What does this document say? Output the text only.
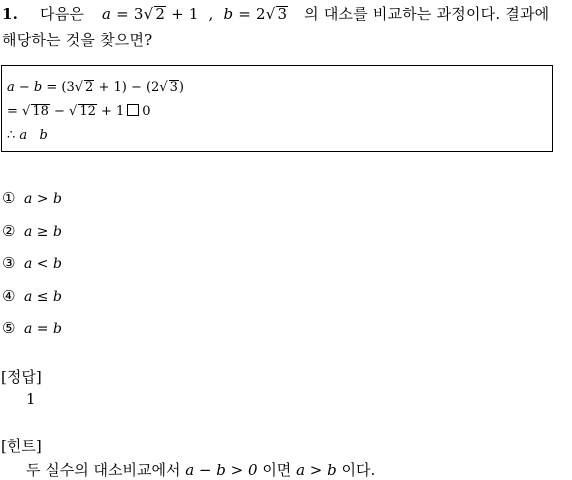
1. 다음은 a = 3√ 2 + 1  ,  b = 2√ 3 의 대소를 비교하는 과정이다. 결과에
해당하는 것을 찾으면?
a − b = (3√ 2 + 1) − (2√ 3)
= √ 18 − √ 12 + 1 0
∴ a   b
① a > b
② a ≥ b
③ a < b
④ a ≤ b
⑤ a = b
[정답]
1
[힌트]
두 실수의 대소비교에서 a − b > 0 이면 a > b 이다.
